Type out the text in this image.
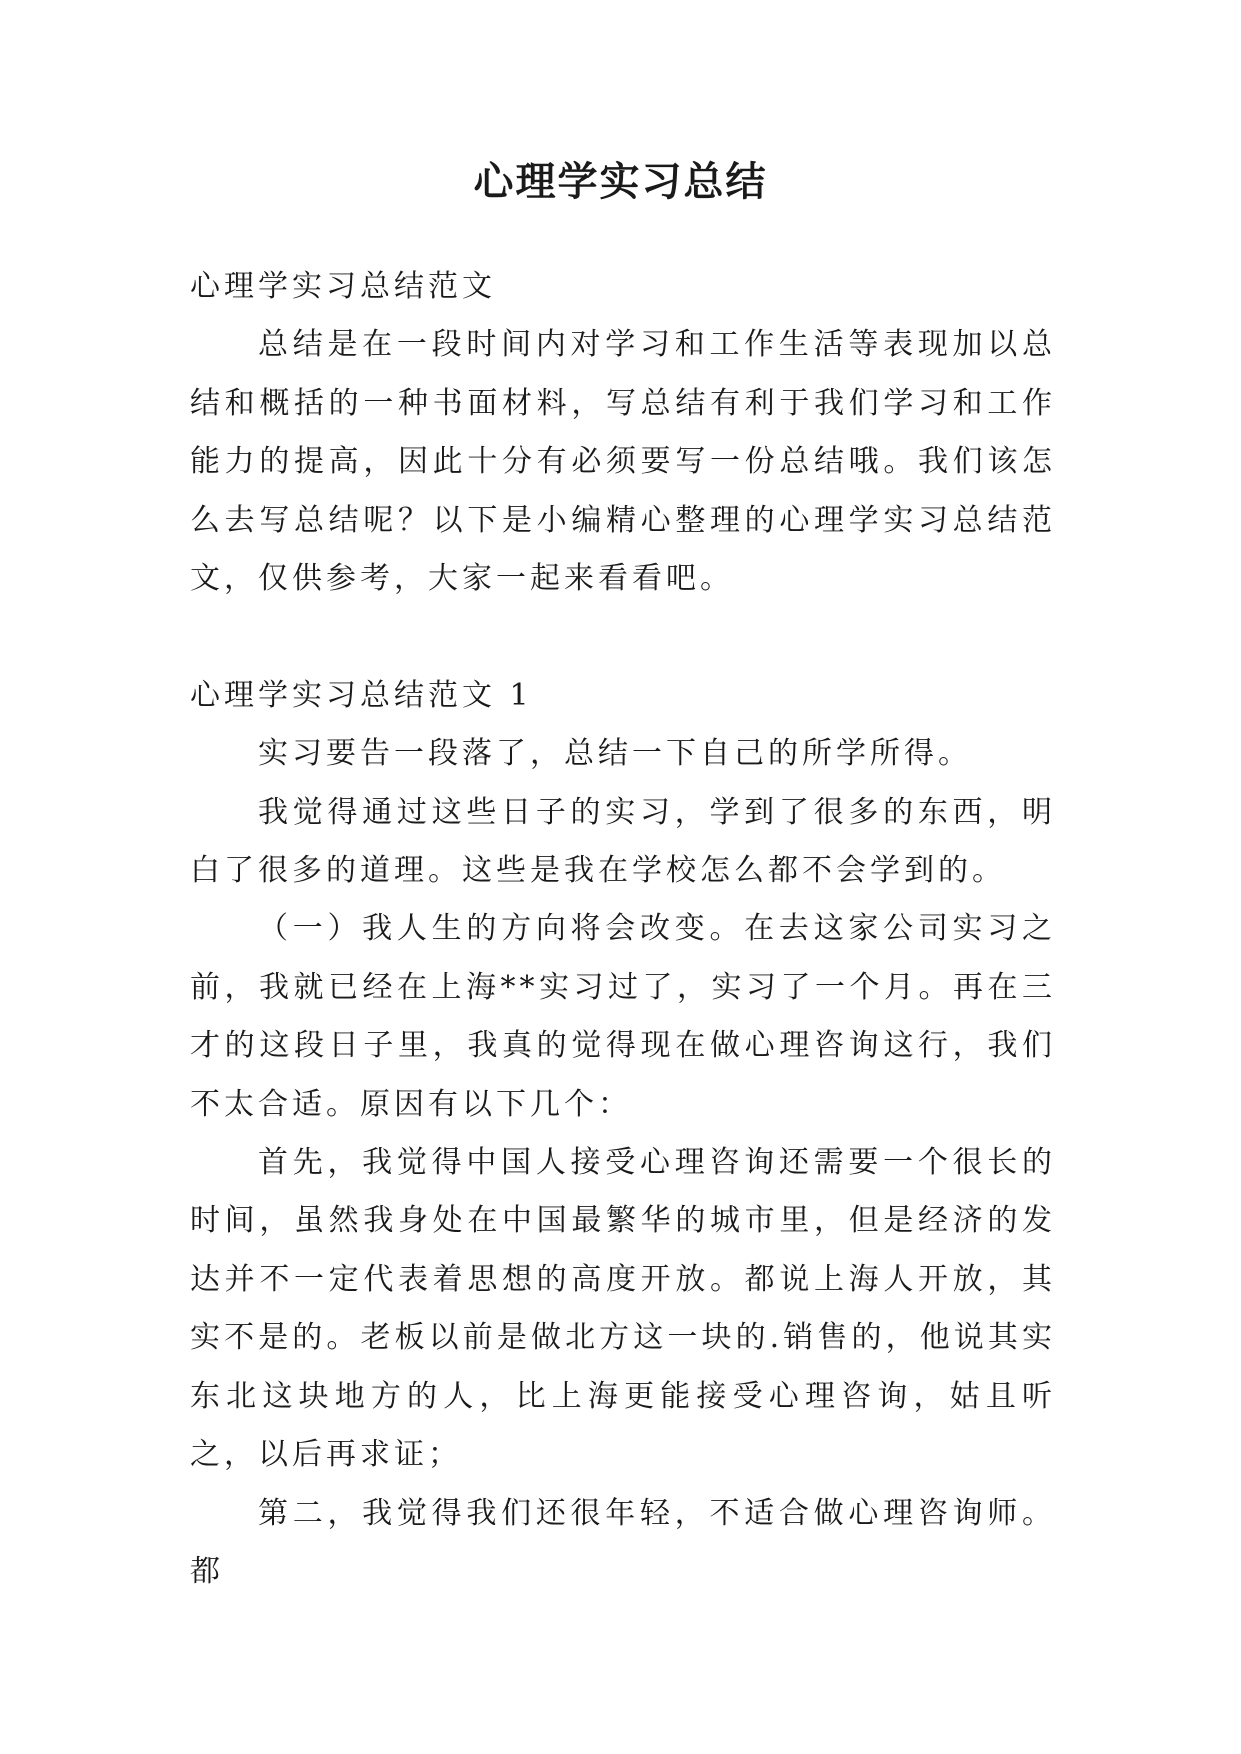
心理学实习总结

心理学实习总结范文

总结是在一段时间内对学习和工作生活等表现加以总结和概括的一种书面材料，写总结有利于我们学习和工作能力的提高，因此十分有必须要写一份总结哦。我们该怎么去写总结呢？以下是小编精心整理的心理学实习总结范文，仅供参考，大家一起来看看吧。

心理学实习总结范文 1

实习要告一段落了，总结一下自己的所学所得。

我觉得通过这些日子的实习，学到了很多的东西，明白了很多的道理。这些是我在学校怎么都不会学到的。

（一）我人生的方向将会改变。在去这家公司实习之前，我就已经在上海**实习过了，实习了一个月。再在三才的这段日子里，我真的觉得现在做心理咨询这行，我们不太合适。原因有以下几个：

首先，我觉得中国人接受心理咨询还需要一个很长的时间，虽然我身处在中国最繁华的城市里，但是经济的发达并不一定代表着思想的高度开放。都说上海人开放，其实不是的。老板以前是做北方这一块的.销售的，他说其实东北这块地方的人，比上海更能接受心理咨询，姑且听之，以后再求证；

第二，我觉得我们还很年轻，不适合做心理咨询师。都
